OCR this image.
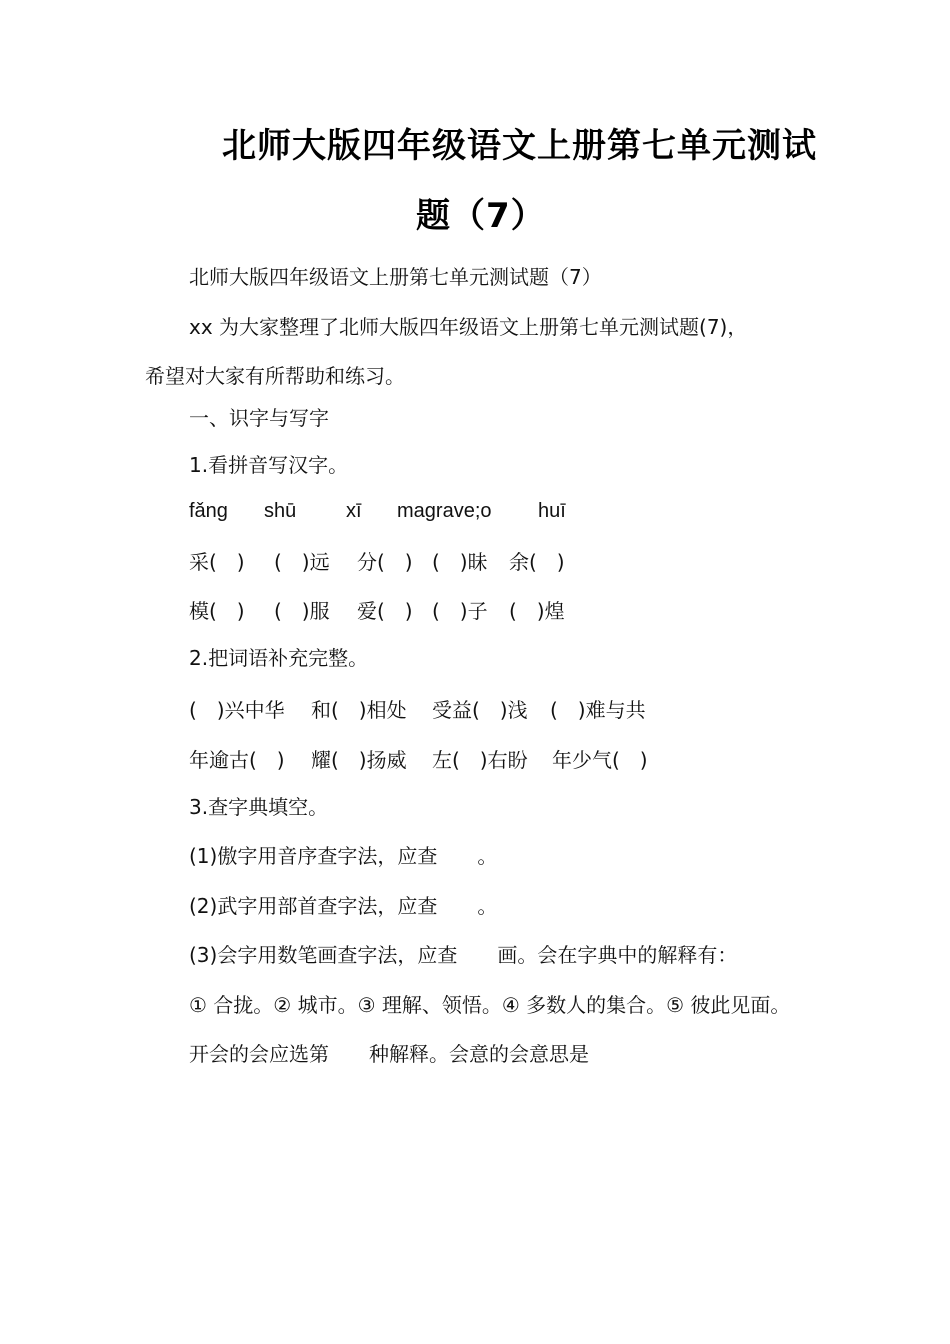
北师大版四年级语文上册第七单元测试
题（7）
北师大版四年级语文上册第七单元测试题（7）
xx 为大家整理了北师大版四年级语文上册第七单元测试题(7)，
希望对大家有所帮助和练习。
一、识字与写字
1.看拼音写汉字。
fǎng shū xī magrave;o huī
采(　) (　)远 分(　) (　)昧 余(　)
模(　) (　)服 爱(　) (　)子 (　)煌
2.把词语补充完整。
(　)兴中华 和(　)相处 受益(　)浅 (　)难与共
年逾古(　) 耀(　)扬威 左(　)右盼 年少气(　)
3.查字典填空。
(1)傲字用音序查字法，应查　　。
(2)武字用部首查字法，应查　　。
(3)会字用数笔画查字法，应查　　画。会在字典中的解释有：
① 合拢。② 城市。③ 理解、领悟。④ 多数人的集合。⑤ 彼此见面。
开会的会应选第　　种解释。会意的会意思是
